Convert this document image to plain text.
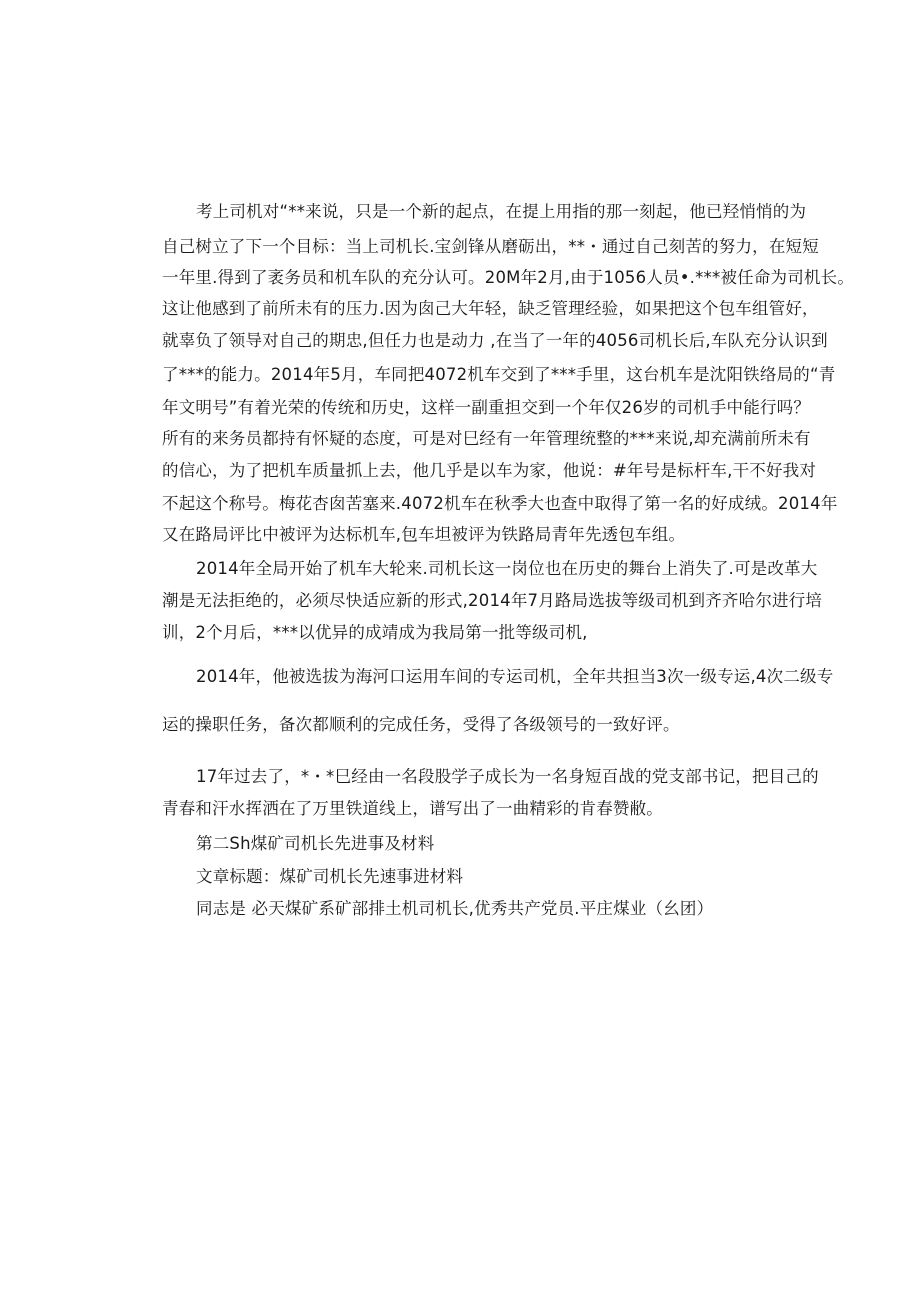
考上司机对“**来说，只是一个新的起点，在提上用指的那一刻起，他已羟悄悄的为
自己树立了下一个目标：当上司机长.宝剑锋从磨砺出，**・通过自己刻苦的努力，在短短
一年里.得到了袤务员和机车队的充分认可。20M年2月,由于1056人员•.***被任命为司机长。
这让他感到了前所未有的压力.因为囱己大年轻，缺乏管理经验，如果把这个包车组管好，
就辜负了领导对自己的期忠,但任力也是动力 ,在当了一年的4056司机长后,车队充分认识到
了***的能力。2014年5月，车同把4072机车交到了***手里，这台机车是沈阳铁络局的“青
年文明号”有着光荣的传统和历史，这样一副重担交到一个年仅26岁的司机手中能行吗？
所有的来务员都持有怀疑的态度，可是对巳经有一年管理统整的***来说,却充满前所未有
的信心，为了把机车质量抓上去，他几乎是以车为家，他说：#年号是标杆车,干不好我对
不起这个称号。梅花杏囱苦塞来.4072机车在秋季大也查中取得了第一名的好成绒。2014年
又在路局评比中被评为达标机车,包车坦被评为铁路局青年先透包车组。
2014年全局开始了机车大轮来.司机长这一岗位也在历史的舞台上消失了.可是改革大
潮是无法拒绝的，必须尽快适应新的形式,2014年7月路局选拔等级司机到齐齐哈尔进行培
训，2个月后，***以优异的成靖成为我局第一批等级司机,
2014年，他被选拔为海河口运用车间的专运司机，全年共担当3次一级专运,4次二级专
运的操职任务，备次都顺利的完成任务，受得了各级领号的一致好评。
17年过去了，*・*巳经由一名段股学子成长为一名身短百战的党支部书记，把目己的
青春和汗水挥洒在了万里铁道线上，谱写出了一曲精彩的肯春赞敝。
第二Sh煤矿司机长先进事及材料
文章标题：煤矿司机长先速事进材料
同志是 必天煤矿系矿部排土机司机长,优秀共产党员.平庄煤业（幺团）
